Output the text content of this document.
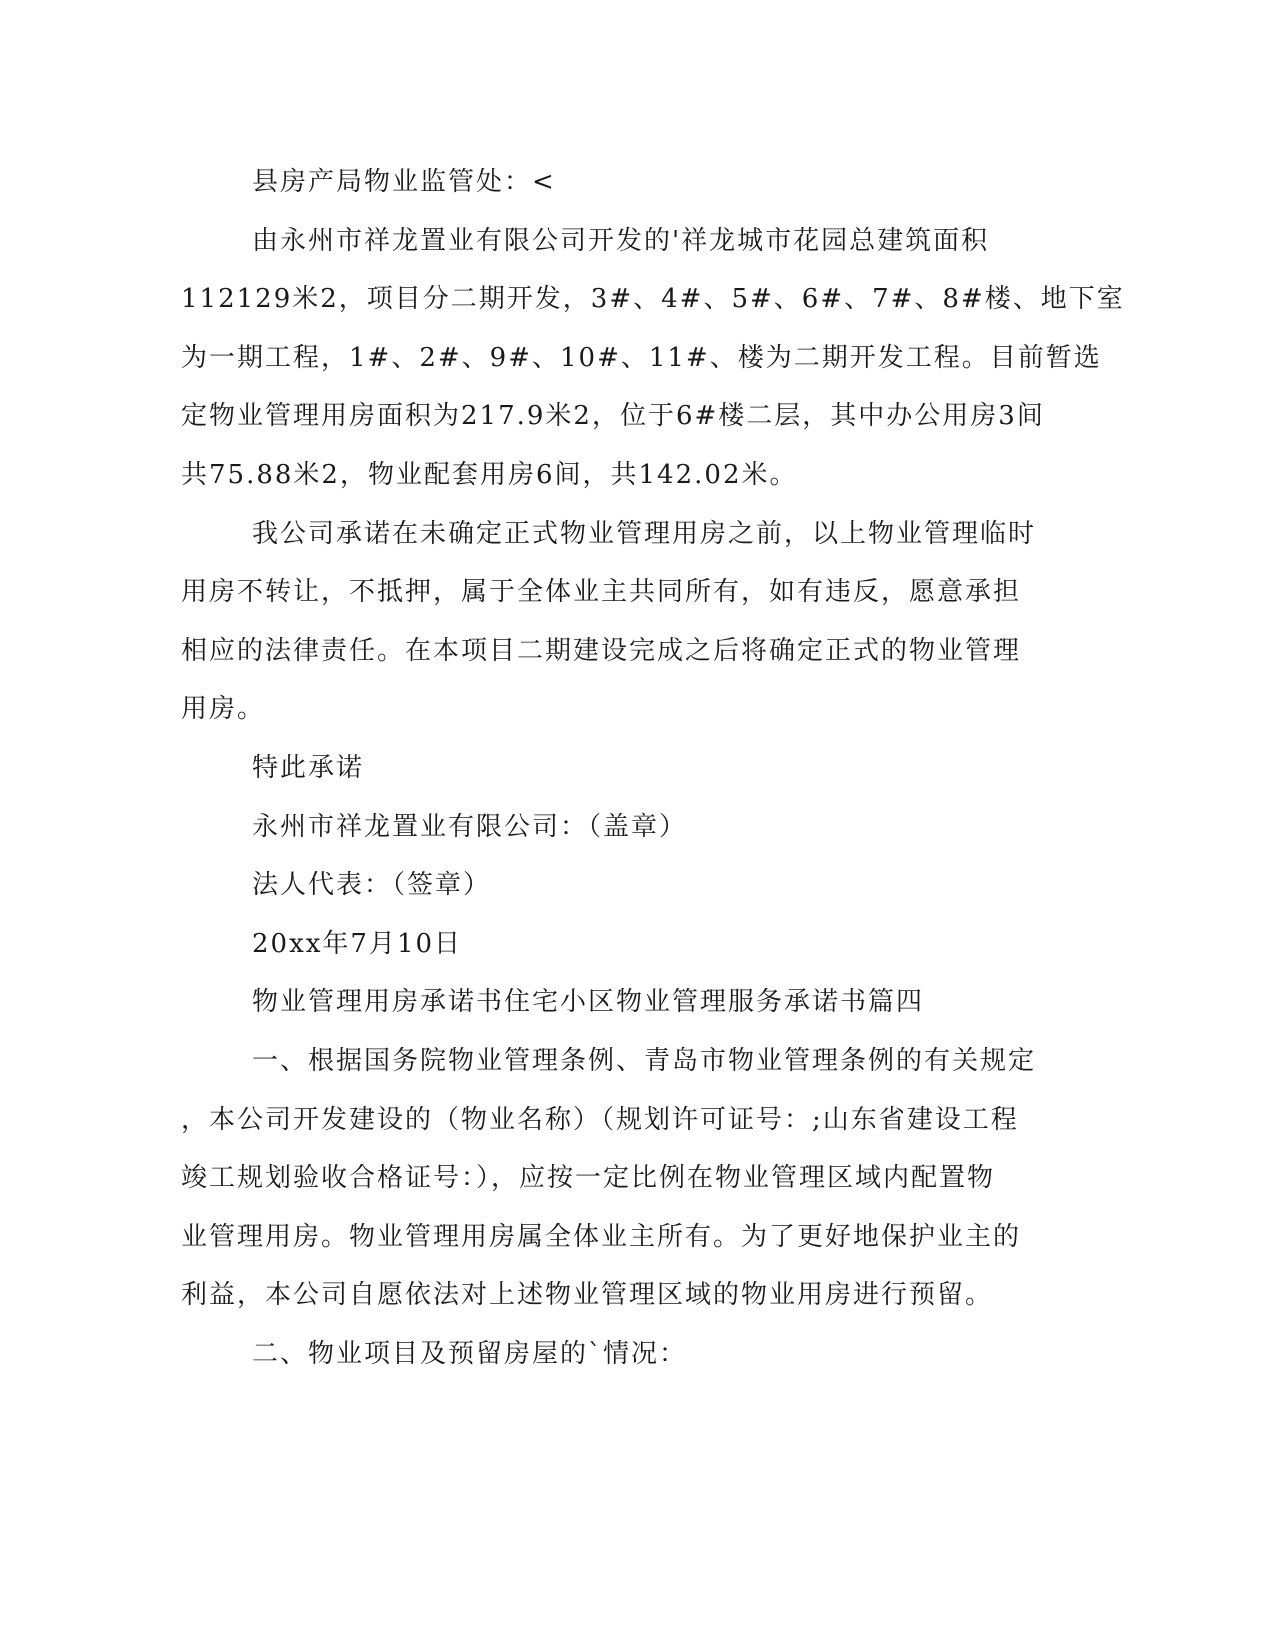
县房产局物业监管处：<
由永州市祥龙置业有限公司开发的'祥龙城市花园总建筑面积
112129米2，项目分二期开发，3#、4#、5#、6#、7#、8#楼、地下室
为一期工程，1#、2#、9#、10#、11#、楼为二期开发工程。目前暂选
定物业管理用房面积为217.9米2，位于6#楼二层，其中办公用房3间
共75.88米2，物业配套用房6间，共142.02米。
我公司承诺在未确定正式物业管理用房之前，以上物业管理临时
用房不转让，不抵押，属于全体业主共同所有，如有违反，愿意承担
相应的法律责任。在本项目二期建设完成之后将确定正式的物业管理
用房。
特此承诺
永州市祥龙置业有限公司：（盖章）
法人代表：（签章）
20xx年7月10日
物业管理用房承诺书住宅小区物业管理服务承诺书篇四
一、根据国务院物业管理条例、青岛市物业管理条例的有关规定
，本公司开发建设的（物业名称）（规划许可证号：;山东省建设工程
竣工规划验收合格证号：），应按一定比例在物业管理区域内配置物
业管理用房。物业管理用房属全体业主所有。为了更好地保护业主的
利益，本公司自愿依法对上述物业管理区域的物业用房进行预留。
二、物业项目及预留房屋的`情况：
